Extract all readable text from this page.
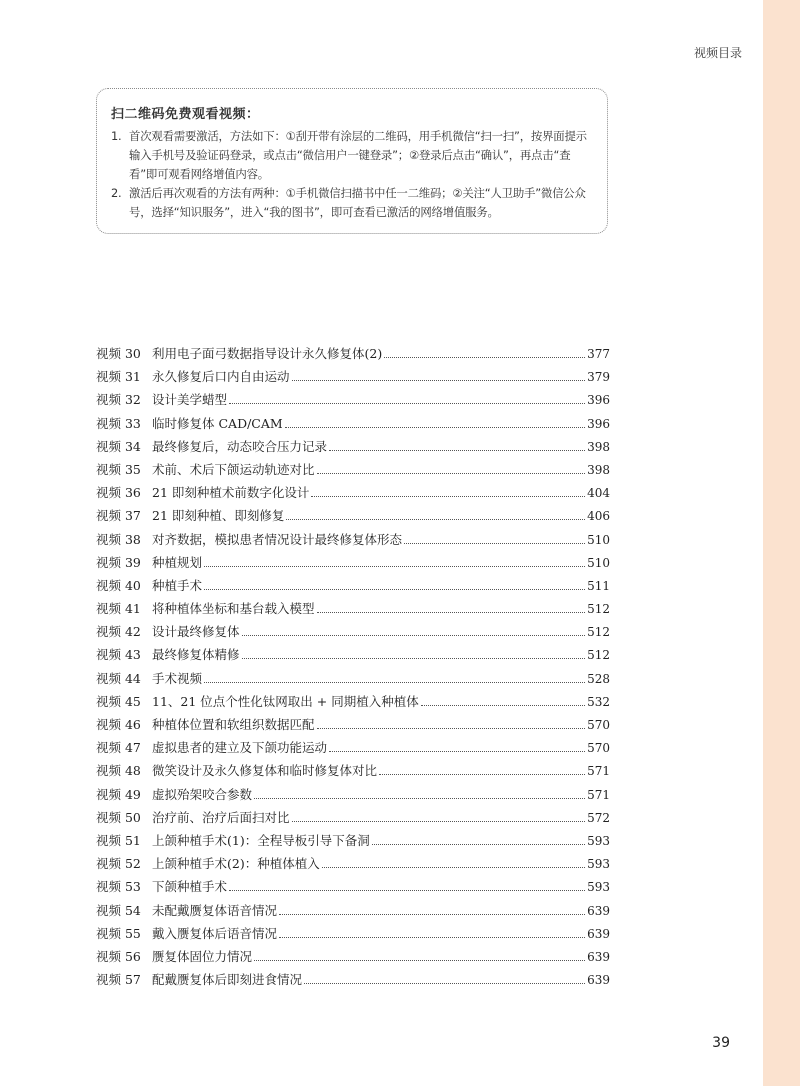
视频目录
扫二维码免费观看视频：
1. 首次观看需要激活，方法如下：①刮开带有涂层的二维码，用手机微信“扫一扫”，按界面提示输入手机号及验证码登录，或点击“微信用户一键登录”；②登录后点击“确认”，再点击“查看”即可观看网络增值内容。
2. 激活后再次观看的方法有两种：①手机微信扫描书中任一二维码；②关注“人卫助手”微信公众号，选择“知识服务”，进入“我的图书”，即可查看已激活的网络增值服务。
视频 30 利用电子面弓数据指导设计永久修复体(2)	377
视频 31 永久修复后口内自由运动	379
视频 32 设计美学蜡型	396
视频 33 临时修复体 CAD/CAM	396
视频 34 最终修复后，动态咬合压力记录	398
视频 35 术前、术后下颌运动轨迹对比	398
视频 36 21 即刻种植术前数字化设计	404
视频 37 21 即刻种植、即刻修复	406
视频 38 对齐数据，模拟患者情况设计最终修复体形态	510
视频 39 种植规划	510
视频 40 种植手术	511
视频 41 将种植体坐标和基台载入模型	512
视频 42 设计最终修复体	512
视频 43 最终修复体精修	512
视频 44 手术视频	528
视频 45 11、21 位点个性化钛网取出 + 同期植入种植体	532
视频 46 种植体位置和软组织数据匹配	570
视频 47 虚拟患者的建立及下颌功能运动	570
视频 48 微笑设计及永久修复体和临时修复体对比	571
视频 49 虚拟殆架咬合参数	571
视频 50 治疗前、治疗后面扫对比	572
视频 51 上颌种植手术(1)：全程导板引导下备洞	593
视频 52 上颌种植手术(2)：种植体植入	593
视频 53 下颌种植手术	593
视频 54 未配戴赝复体语音情况	639
视频 55 戴入赝复体后语音情况	639
视频 56 赝复体固位力情况	639
视频 57 配戴赝复体后即刻进食情况	639
39
